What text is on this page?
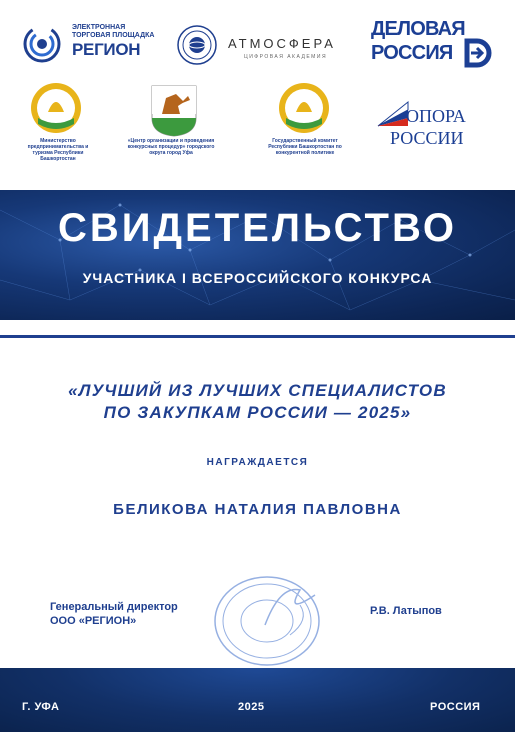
ЭЛЕКТРОННАЯ ТОРГОВАЯ ПЛОЩАДКА
РЕГИОН	АТМОСФЕРА
ЦИФРОВАЯ АКАДЕМИЯ
ДЕЛОВАЯ
РОССИЯ
Министерство предпринимательства и туризма Республики Башкортостан
«Центр организации и проведения конкурсных процедур» городского округа город Уфа
Государственный комитет Республики Башкортостан по конкурентной политике
ОПОРА
РОССИИ
СВИДЕТЕЛЬСТВО
УЧАСТНИКА I ВСЕРОССИЙСКОГО КОНКУРСА
«ЛУЧШИЙ ИЗ ЛУЧШИХ СПЕЦИАЛИСТОВ
ПО ЗАКУПКАМ РОССИИ — 2025»
НАГРАЖДАЕТСЯ
БЕЛИКОВА НАТАЛИЯ ПАВЛОВНА
Генеральный директор
ООО «РЕГИОН»
Р.В. Латыпов
Г. УФА	2025	РОССИЯ
